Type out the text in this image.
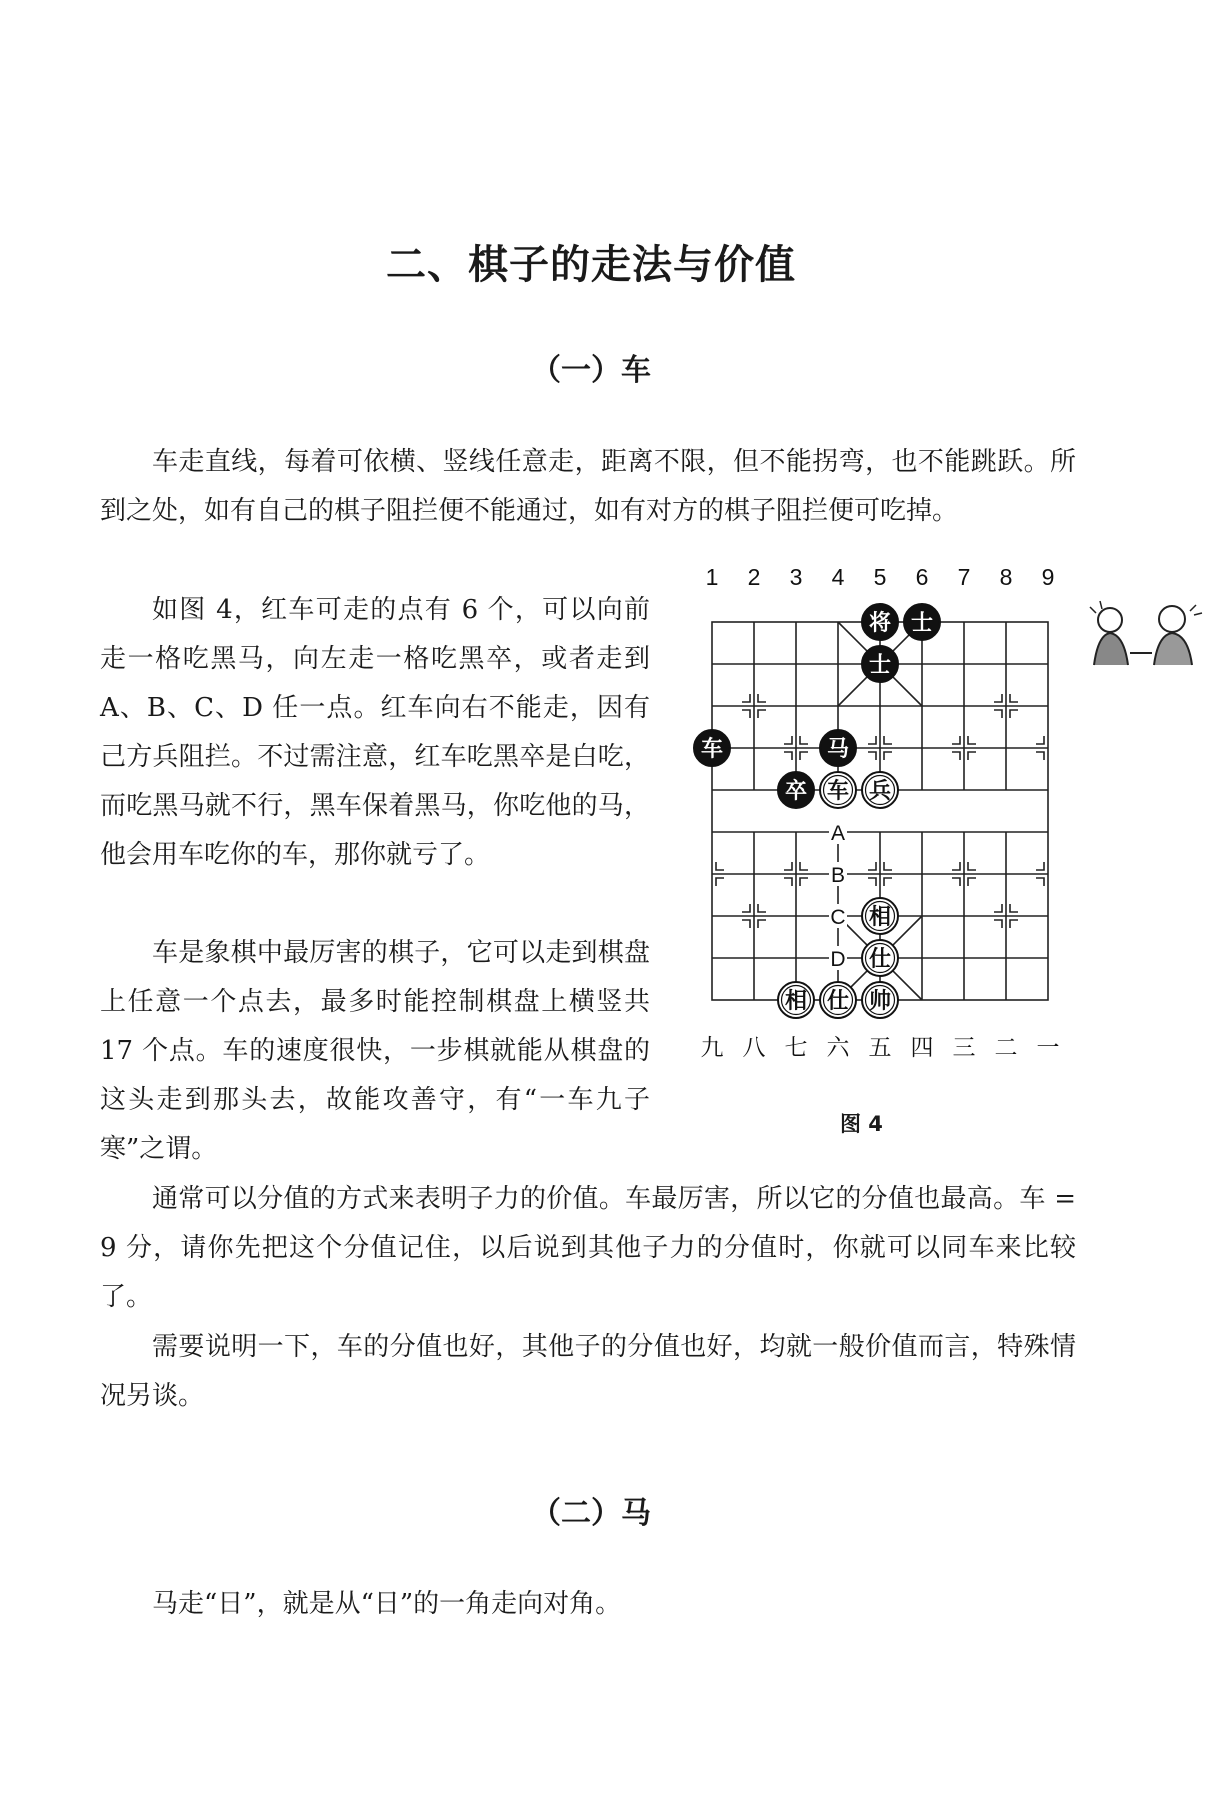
二、棋子的走法与价值
（一）车
车走直线，每着可依横、竖线任意走，距离不限，但不能拐弯，也不能跳跃。所到之处，如有自己的棋子阻拦便不能通过，如有对方的棋子阻拦便可吃掉。
如图 4，红车可走的点有 6 个，可以向前走一格吃黑马，向左走一格吃黑卒，或者走到 A、B、C、D 任一点。红车向右不能走，因有己方兵阻拦。不过需注意，红车吃黑卒是白吃，而吃黑马就不行，黑车保着黑马，你吃他的马，他会用车吃你的车，那你就亏了。
车是象棋中最厉害的棋子，它可以走到棋盘上任意一个点去，最多时能控制棋盘上横竖共 17 个点。车的速度很快，一步棋就能从棋盘的这头走到那头去，故能攻善守，有“一车九子寒”之谓。
通常可以分值的方式来表明子力的价值。车最厉害，所以它的分值也最高。车 = 9 分，请你先把这个分值记住，以后说到其他子力的分值时，你就可以同车来比较了。
需要说明一下，车的分值也好，其他子的分值也好，均就一般价值而言，特殊情况另谈。
（二）马
马走“日”，就是从“日”的一角走向对角。
1 2 3 4 5 6 7 8 9
九 八 七 六 五 四 三 二 一
A
B
C
D
将 士
士
车	马
卒 车 兵
相
仕
相 仕 帅
图 4
